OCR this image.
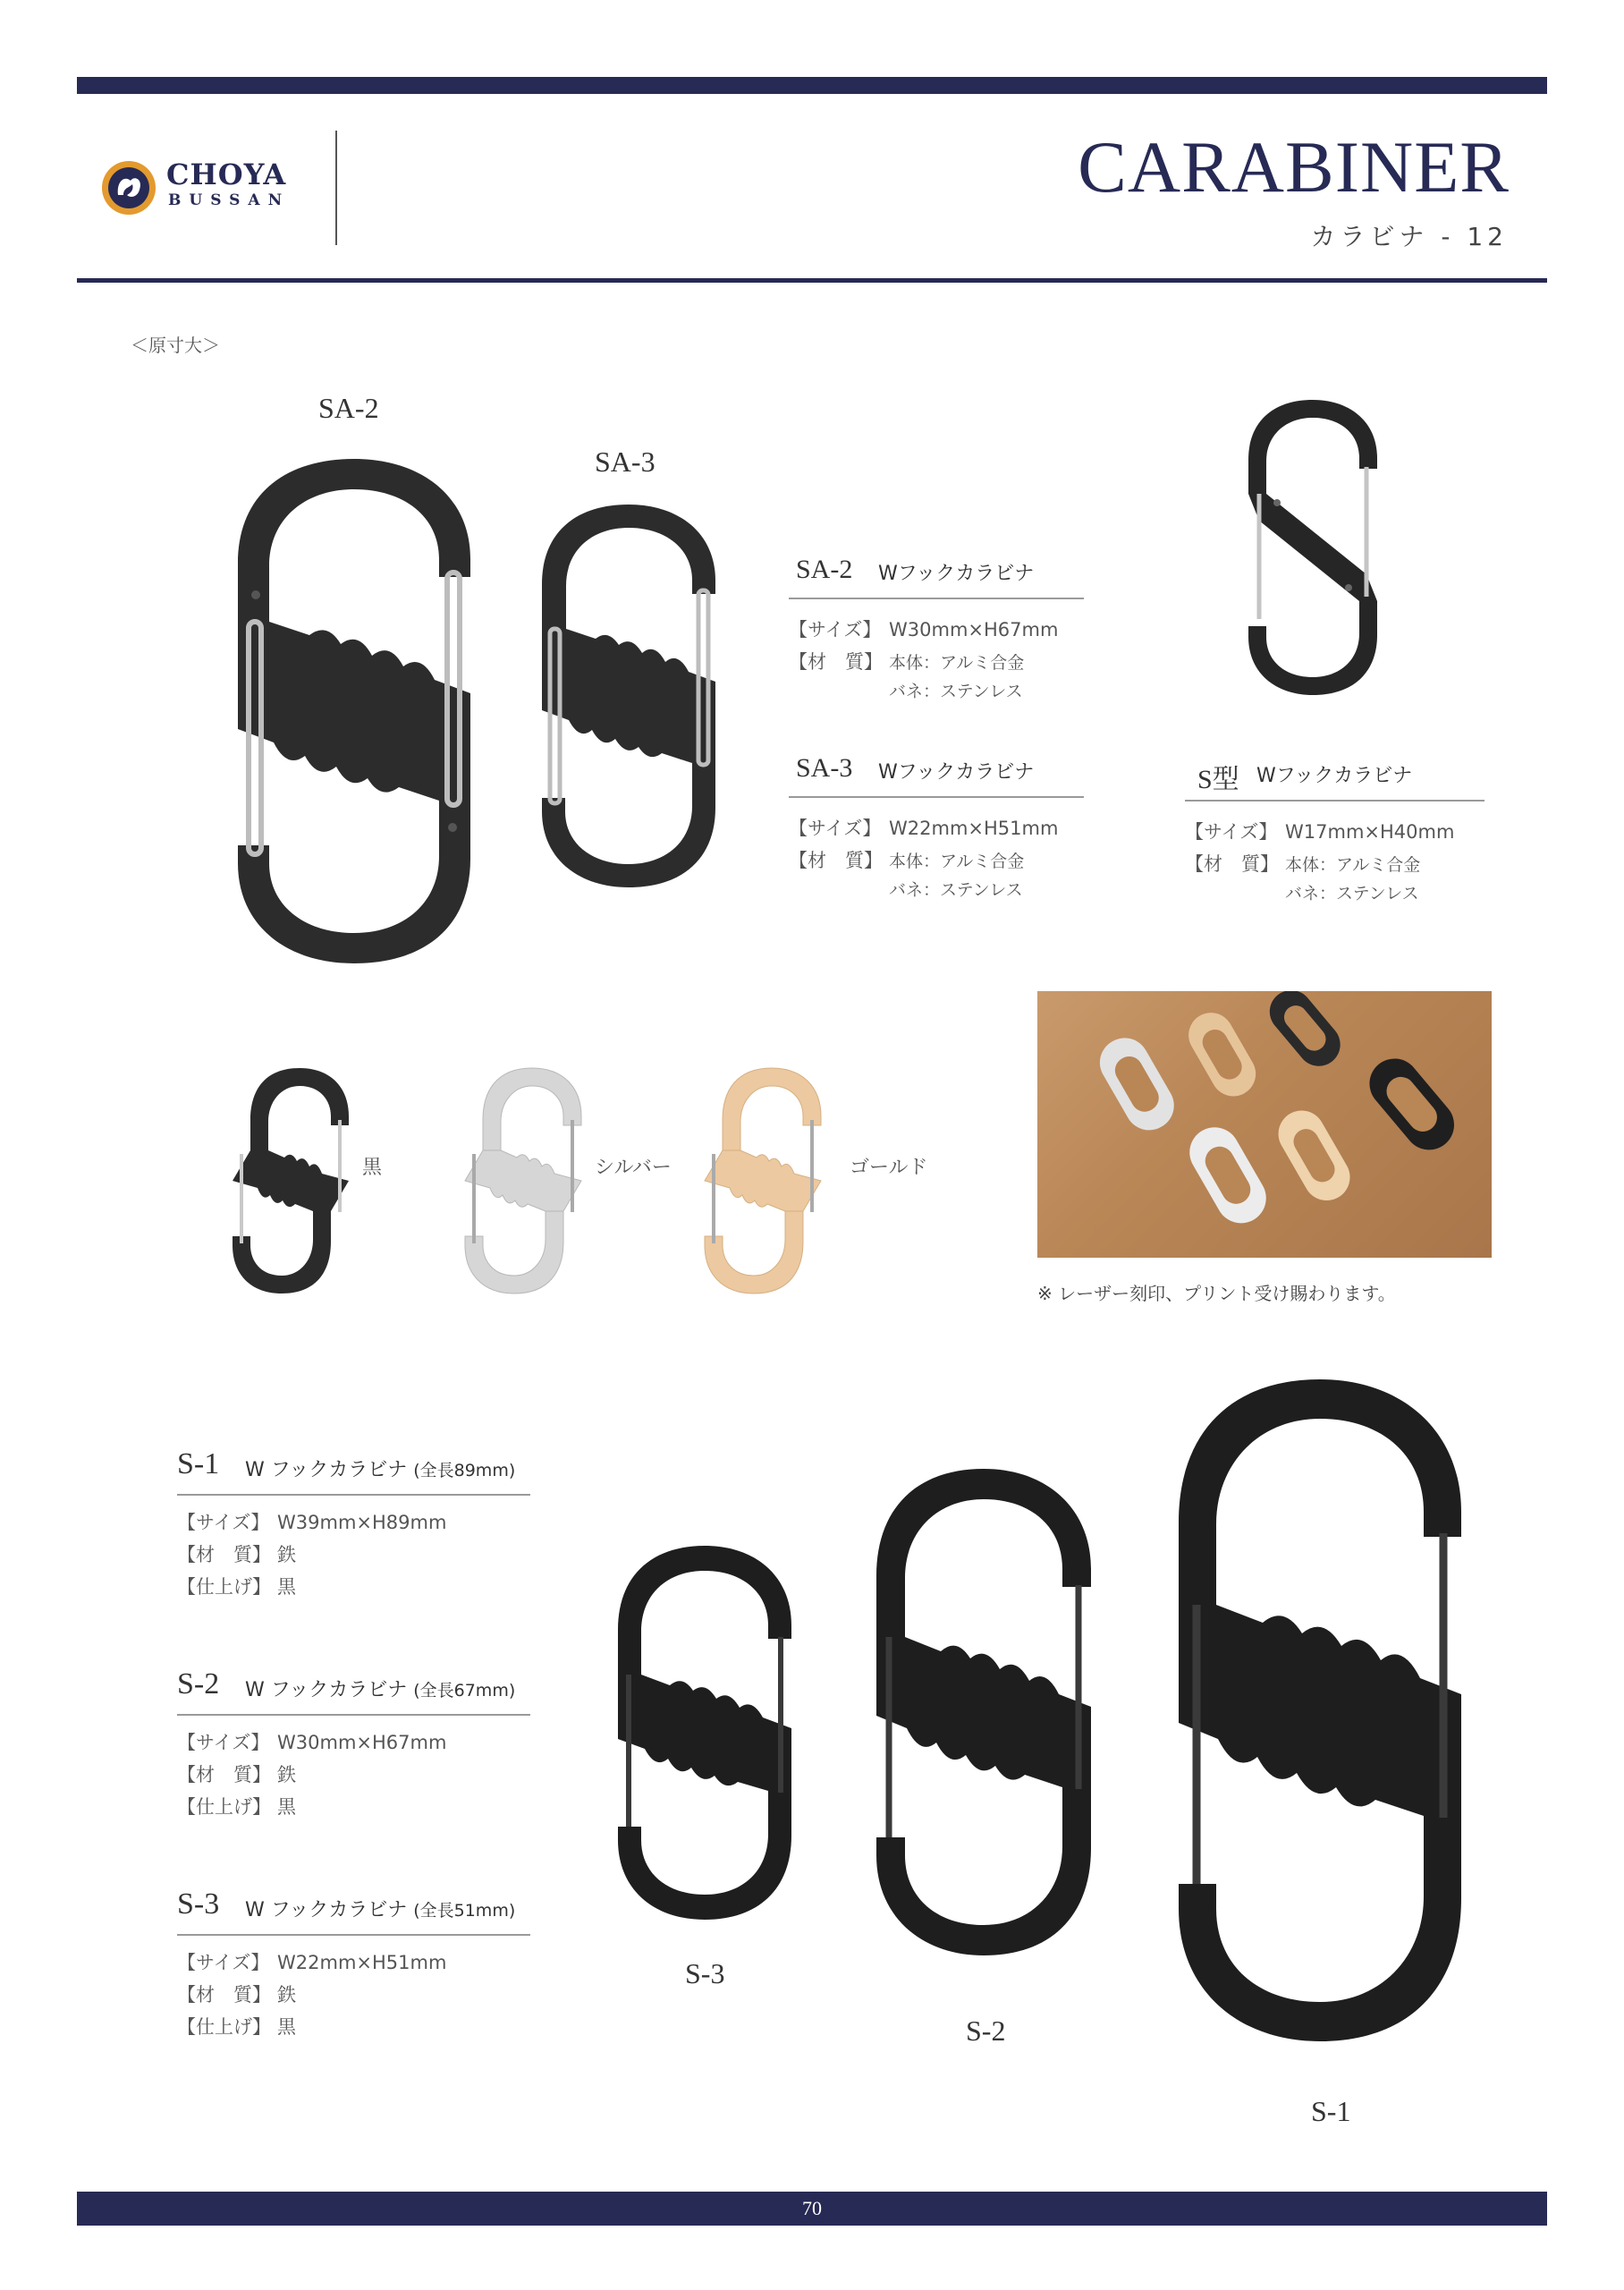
CHOYA
BUSSAN	CARABINER
カラビナ - 12
＜原寸大＞
SA-2
SA-3
SA-2 Wフックカラビナ
【サイズ】 W30mm×H67mm
【材　質】 本体：アルミ合金
バネ：ステンレス
SA-3 Wフックカラビナ
【サイズ】 W22mm×H51mm
【材　質】 本体：アルミ合金
バネ：ステンレス
S型 Wフックカラビナ
【サイズ】 W17mm×H40mm
【材　質】 本体：アルミ合金
バネ：ステンレス
黒	シルバー	ゴールド
※ レーザー刻印、プリント受け賜わります。
S-1 W フックカラビナ (全長89mm)
【サイズ】 W39mm×H89mm
【材　質】 鉄
【仕上げ】 黒
S-2 W フックカラビナ (全長67mm)
【サイズ】 W30mm×H67mm
【材　質】 鉄
【仕上げ】 黒
S-3 W フックカラビナ (全長51mm)
【サイズ】 W22mm×H51mm
【材　質】 鉄
【仕上げ】 黒
S-3
S-2
S-1
70
